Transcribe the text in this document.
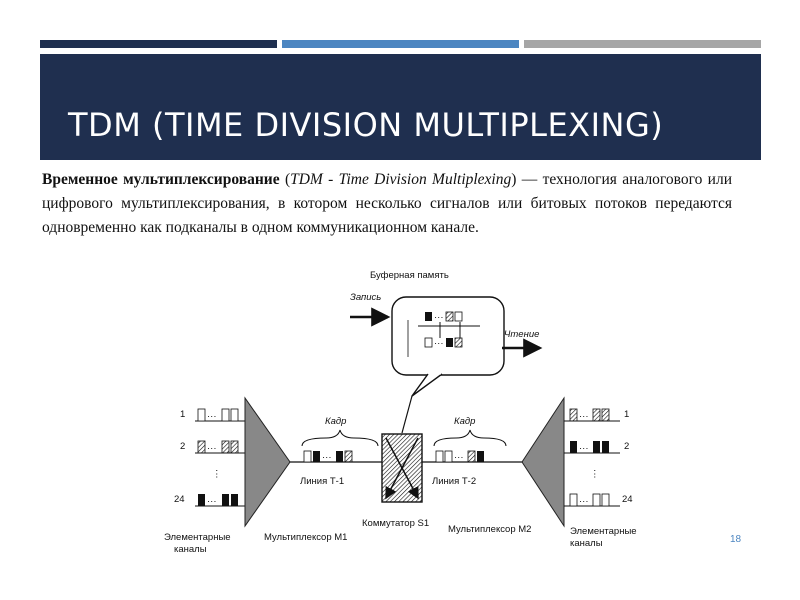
TDM (TIME DIVISION MULTIPLEXING)

Временное мультиплексирование (TDM - Time Division Multiplexing) — технология аналогового или цифрового мультиплексирования, в котором несколько сигналов или битовых потоков передаются одновременно как подканалы в одном коммуникационном канале.

Буферная память
···
···
Запись
Чтение
1 ···
2 ···
⋮
24 ···
Кадр
···
Линия Т-1
Коммутатор S1
Кадр
···
Линия Т-2
···	1
···	2
⋮
···	24
Элементарные
каналы
Мультиплексор M1
Мультиплексор M2	Элементарные
каналы	18
